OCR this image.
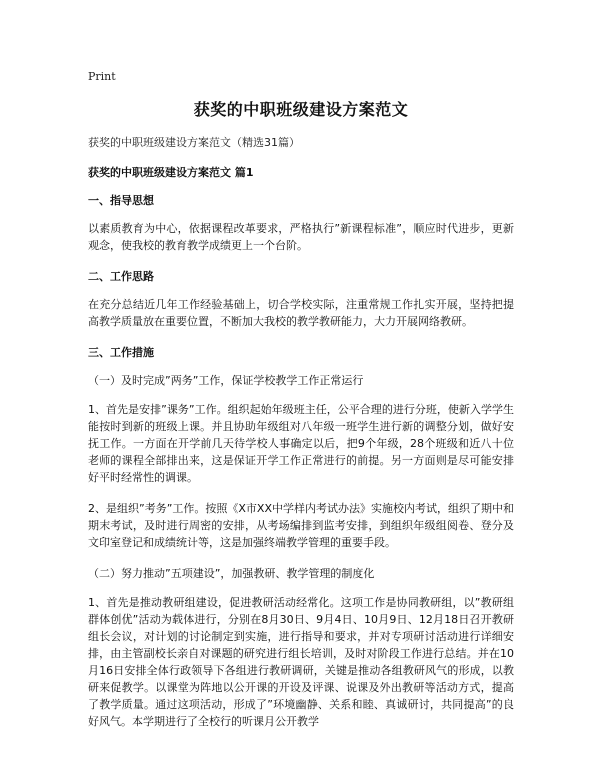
Print
获奖的中职班级建设方案范文

获奖的中职班级建设方案范文（精选31篇）

获奖的中职班级建设方案范文 篇1

一、指导思想

以素质教育为中心，依据课程改革要求，严格执行”新课程标准”，顺应时代进步，更新观念，使我校的教育教学成绩更上一个台阶。

二、工作思路

在充分总结近几年工作经验基础上，切合学校实际，注重常规工作扎实开展，坚持把提高教学质量放在重要位置，不断加大我校的教学教研能力，大力开展网络教研。

三、工作措施

（一）及时完成”两务”工作，保证学校教学工作正常运行

1、首先是安排”课务”工作。组织起始年级班主任，公平合理的进行分班，使新入学学生能按时到新的班级上课。并且协助年级组对八年级一班学生进行新的调整分划，做好安抚工作。一方面在开学前几天待学校人事确定以后，把9个年级，28个班级和近八十位老师的课程全部排出来，这是保证开学工作正常进行的前提。另一方面则是尽可能安排好平时经常性的调课。

2、是组织”考务”工作。按照《X市XX中学样内考试办法》实施校内考试，组织了期中和期末考试，及时进行周密的安排，从考场编排到监考安排，到组织年级组阅卷、登分及文印室登记和成绩统计等，这是加强终端教学管理的重要手段。

（二）努力推动”五项建设”，加强教研、教学管理的制度化

1、首先是推动教研组建设，促进教研活动经常化。这项工作是协同教研组，以”教研组群体创优”活动为载体进行，分别在8月30日、9月4日、10月9日、12月18日召开教研组长会议，对计划的讨论制定到实施，进行指导和要求，并对专项研讨活动进行详细安排，由主管副校长亲自对课题的研究进行组长培训，及时对阶段工作进行总结。并在10月16日安排全体行政领导下各组进行教研调研，关键是推动各组教研风气的形成，以教研来促教学。以课堂为阵地以公开课的开设及评课、说课及外出教研等活动方式，提高了教学质量。通过这项活动，形成了”环境幽静、关系和睦、真诚研讨，共同提高”的良好风气。本学期进行了全校行的听课月公开教学
